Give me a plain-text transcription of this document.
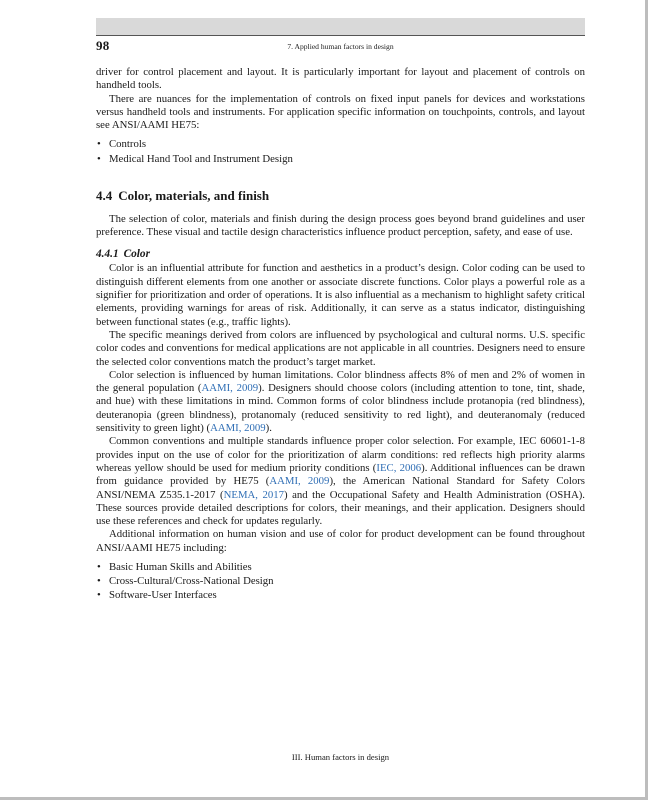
98	7. Applied human factors in design

driver for control placement and layout. It is particularly important for layout and placement of controls on handheld tools.

There are nuances for the implementation of controls on fixed input panels for devices and workstations versus handheld tools and instruments. For application specific information on touchpoints, controls, and layout see ANSI/AAMI HE75:

• Controls
• Medical Hand Tool and Instrument Design
4.4 Color, materials, and finish

The selection of color, materials and finish during the design process goes beyond brand guidelines and user preference. These visual and tactile design characteristics influence product perception, safety, and ease of use.

4.4.1 Color

Color is an influential attribute for function and aesthetics in a product’s design. Color coding can be used to distinguish different elements from one another or associate discrete functions. Color plays a powerful role as a signifier for prioritization and order of operations. It is also influential as a mechanism to highlight safety critical elements, providing warnings for areas of risk. Additionally, it can serve as a status indicator, distinguishing between functional states (e.g., traffic lights).

The specific meanings derived from colors are influenced by psychological and cultural norms. U.S. specific color codes and conventions for medical applications are not applicable in all countries. Designers need to ensure the selected color conventions match the product’s target market.

Color selection is influenced by human limitations. Color blindness affects 8% of men and 2% of women in the general population (AAMI, 2009). Designers should choose colors (including attention to tone, tint, shade, and hue) with these limitations in mind. Common forms of color blindness include protanopia (red blindness), deuteranopia (green blindness), protanomaly (reduced sensitivity to red light), and deuteranomaly (reduced sensitivity to green light) (AAMI, 2009).

Common conventions and multiple standards influence proper color selection. For example, IEC 60601-1-8 provides input on the use of color for the prioritization of alarm conditions: red reflects high priority alarms whereas yellow should be used for medium priority conditions (IEC, 2006). Additional influences can be drawn from guidance provided by HE75 (AAMI, 2009), the American National Standard for Safety Colors ANSI/NEMA Z535.1-2017 (NEMA, 2017) and the Occupational Safety and Health Administration (OSHA). These sources provide detailed descriptions for colors, their meanings, and their application. Designers should use these references and check for updates regularly.

Additional information on human vision and use of color for product development can be found throughout ANSI/AAMI HE75 including:

• Basic Human Skills and Abilities
• Cross-Cultural/Cross-National Design
• Software-User Interfaces
III. Human factors in design
